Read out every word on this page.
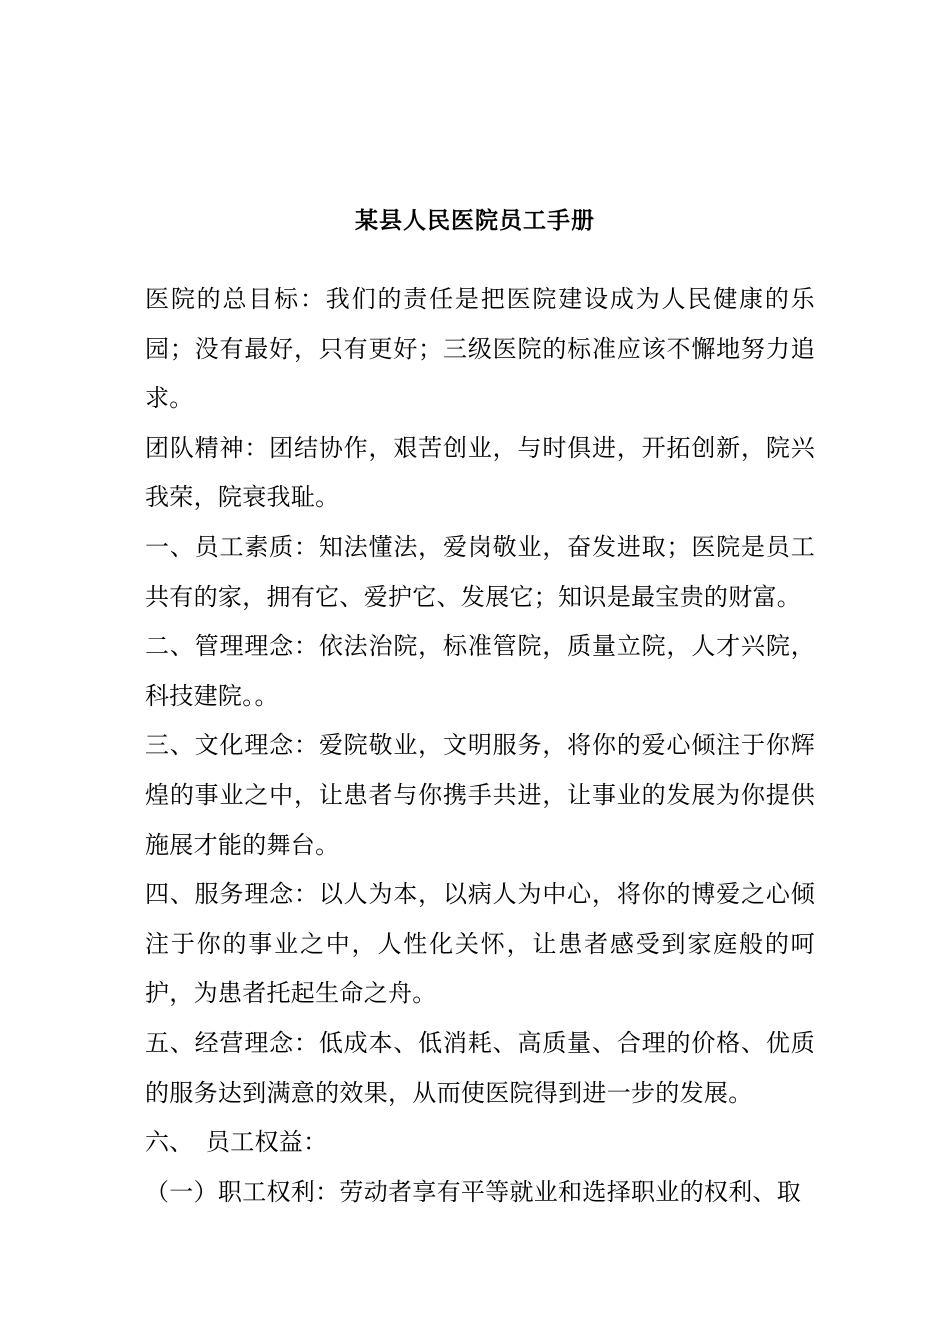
某县人民医院员工手册

医院的总目标：我们的责任是把医院建设成为人民健康的乐园；没有最好，只有更好；三级医院的标准应该不懈地努力追求。

团队精神：团结协作，艰苦创业，与时俱进，开拓创新，院兴我荣，院衰我耻。

一、员工素质：知法懂法，爱岗敬业，奋发进取；医院是员工共有的家，拥有它、爱护它、发展它；知识是最宝贵的财富。

二、管理理念：依法治院，标准管院，质量立院，人才兴院，科技建院。。

三、文化理念：爱院敬业，文明服务，将你的爱心倾注于你辉煌的事业之中，让患者与你携手共进，让事业的发展为你提供施展才能的舞台。

四、服务理念：以人为本，以病人为中心，将你的博爱之心倾注于你的事业之中，人性化关怀，让患者感受到家庭般的呵护，为患者托起生命之舟。

五、经营理念：低成本、低消耗、高质量、合理的价格、优质的服务达到满意的效果，从而使医院得到进一步的发展。

六、　员工权益：

（一）职工权利：劳动者享有平等就业和选择职业的权利、取
